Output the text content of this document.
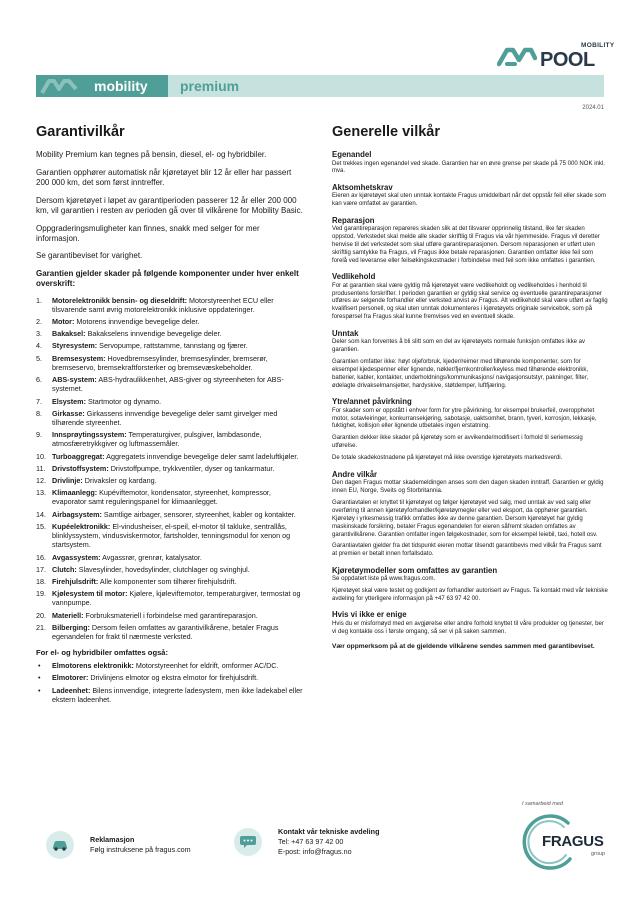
MOBILITY
POOL
mobility	premium
2024.01
Garantivilkår

Mobility Premium kan tegnes på bensin, diesel, el- og hybridbiler.

Garantien opphører automatisk når kjøretøyet blir 12 år eller har passert 200 000 km, det som først inntreffer.

Dersom kjøretøyet i løpet av garantiperioden passerer 12 år eller 200 000 km, vil garantien i resten av perioden gå over til vilkårene for Mobility Basic.

Oppgraderingsmuligheter kan finnes, snakk med selger for mer informasjon.

Se garantibeviset for varighet.

Garantien gjelder skader på følgende komponenter under hver enkelt overskrift:

1. Motorelektronikk bensin- og dieseldrift: Motorstyreenhet ECU eller tilsvarende samt øvrig motorelektronikk inklusive oppdateringer.
2. Motor: Motorens innvendige bevegelige deler.
3. Bakaksel: Bakakselens innvendige bevegelige deler.
4. Styresystem: Servopumpe, rattstamme, tannstang og fjærer.
5. Bremsesystem: Hovedbremsesylinder, bremsesylinder, bremserør, bremseservo, bremsekraftforsterker og bremsevæskebeholder.
6. ABS-system: ABS-hydraulikkenhet, ABS-giver og styreenheten for ABS-systemet.
7. Elsystem: Startmotor og dynamo.
8. Girkasse: Girkassens innvendige bevegelige deler samt girvelger med tilhørende styreenhet.
9. Innsprøytingssystem: Temperaturgiver, pulsgiver, lambdasonde, atmosfæretrykkgiver og luftmassemåler.
10. Turboaggregat: Aggregatets innvendige bevegelige deler samt ladeluftkjøler.
11. Drivstoffsystem: Drivstoffpumpe, trykkventiler, dyser og tankarmatur.
12. Drivlinje: Drivaksler og kardang.
13. Klimaanlegg: Kupéviftemotor, kondensator, styreenhet, kompressor, evaporator samt reguleringspanel for klimaanlegget.
14. Airbagsystem: Samtlige airbager, sensorer, styreenhet, kabler og kontakter.
15. Kupéelektronikk: El-vindusheiser, el-speil, el-motor til takluke, sentrallås, blinklyssystem, vindusviskermotor, fartsholder, tenningsmodul for xenon og startsystem.
16. Avgassystem: Avgassrør, grenrør, katalysator.
17. Clutch: Slavesylinder, hovedsylinder, clutchlager og svinghjul.
18. Firehjulsdrift: Alle komponenter som tilhører firehjulsdrift.
19. Kjølesystem til motor: Kjølere, kjøleviftemotor, temperaturgiver, termostat og vannpumpe.
20. Materiell: Forbruksmateriell i forbindelse med garantireparasjon.
21. Bilberging: Dersom feilen omfattes av garantivilkårene, betaler Fragus egenandelen for frakt til nærmeste verksted.
For el- og hybridbiler omfattes også:
• Elmotorens elektronikk: Motorstyreenhet for eldrift, omformer AC/DC.
• Elmotorer: Drivlinjens elmotor og ekstra elmotor for firehjulsdrift.
• Ladeenhet: Bilens innvendige, integrerte ladesystem, men ikke ladekabel eller ekstern ladeenhet.
Generelle vilkår
Egenandel

Det trekkes ingen egenandel ved skade. Garantien har en øvre grense per skade på 75 000 NOK inkl. mva.

Aktsomhetskrav

Eieren av kjøretøyet skal uten unntak kontakte Fragus umiddelbart når det oppstår feil eller skade som kan være omfattet av garantien.

Reparasjon

Ved garantireparasjon repareres skaden slik at det tilsvarer opprinnelig tilstand, like før skaden oppstod. Verkstedet skal melde alle skader skriftlig til Fragus via vår hjemmeside. Fragus vil deretter henvise til det verkstedet som skal utføre garantireparasjonen. Dersom reparasjonen er utført uten skriftlig samtykke fra Fragus, vil Fragus ikke betale reparasjonen. Garantien omfatter ikke feil som forelå ved leveranse eller feilsøkingskostnader i forbindelse med feil som ikke omfattes i garantien.

Vedlikehold

For at garantien skal være gyldig må kjøretøyet være vedlikeholdt og vedlikeholdes i henhold til produsentens forskrifter. I perioden garantien er gyldig skal service og eventuelle garantireparasjoner utføres av selgende forhandler eller verksted anvist av Fragus. Alt vedlikehold skal være utført av faglig kvalifisert personell, og skal uten unntak dokumenteres i kjøretøyets originale servicebok, som på forespørsel fra Fragus skal kunne fremvises ved en eventuell skade.

Unntak

Deler som kan forventes å bli slitt som en del av kjøretøyets normale funksjon omfattes ikke av garantien.

Garantien omfatter ikke: høyt oljeforbruk, kjeder/reimer med tilhørende komponenter, som for eksempel kjedespenner eller lignende, nøkler/fjernkontroller/keyless med tilhørende elektronikk, batterier, kabler, kontakter, underholdnings/kommunikasjons/ navigasjonsutstyr, pakninger, filter, ødelagte drivakselmansjetter, hardyskive, støtdemper, luftfjæring.

Ytre/annet påvirkning

For skader som er oppstått i enhver form for ytre påvirkning, for eksempel brukerfeil, overopphetet motor, sotavleiringer, konkurransekjøring, sabotasje, uaktsomhet, brann, tyveri, korrosjon, lekkasje, fuktighet, kollisjon eller lignende utbetales ingen erstatning.

Garantien dekker ikke skader på kjøretøy som er avvikende/modifisert i forhold til seriemessig utførelse.

De totale skadekostnadene på kjøretøyet må ikke overstige kjøretøyets markedsverdi.

Andre vilkår

Den dagen Fragus mottar skademeldingen anses som den dagen skaden inntraff. Garantien er gyldig innen EU, Norge, Sveits og Storbritannia.

Garantiavtalen er knyttet til kjøretøyet og følger kjøretøyet ved salg, med unntak av ved salg eller overføring til annen kjøretøyforhandler/kjøretøymegler eller ved eksport, da opphører garantien. Kjøretøy i yrkesmessig trafikk omfattes ikke av denne garantien. Dersom kjøretøyet har gyldig maskinskade forsikring, betaler Fragus egenandelen for eieren såfremt skaden omfattes av garantivilkårene. Garantien omfatter ingen følgekostnader, som for eksempel leiebil, taxi, hotell osv.

Garantiavtalen gjelder fra det tidspunkt eieren mottar tilsendt garantibevis med vilkår fra Fragus samt at premien er betalt innen forfallsdato.

Kjøretøymodeller som omfattes av garantien

Se oppdatert liste på www.fragus.com.

Kjøretøyet skal være testet og godkjent av forhandler autorisert av Fragus. Ta kontakt med vår tekniske avdeling for ytterligere informasjon på +47 63 97 42 00.

Hvis vi ikke er enige

Hvis du er misfornøyd med en avgjørelse eller andre forhold knyttet til våre produkter og tjenester, ber vi deg kontakte oss i første omgang, så ser vi på saken sammen.

Vær oppmerksom på at de gjeldende vilkårene sendes sammen med garantibeviset.
Reklamasjon
Følg instruksene på fragus.com
Kontakt vår tekniske avdeling
Tel: +47 63 97 42 00
E-post: info@fragus.no
I samarbeid med
FRAGUS
group
